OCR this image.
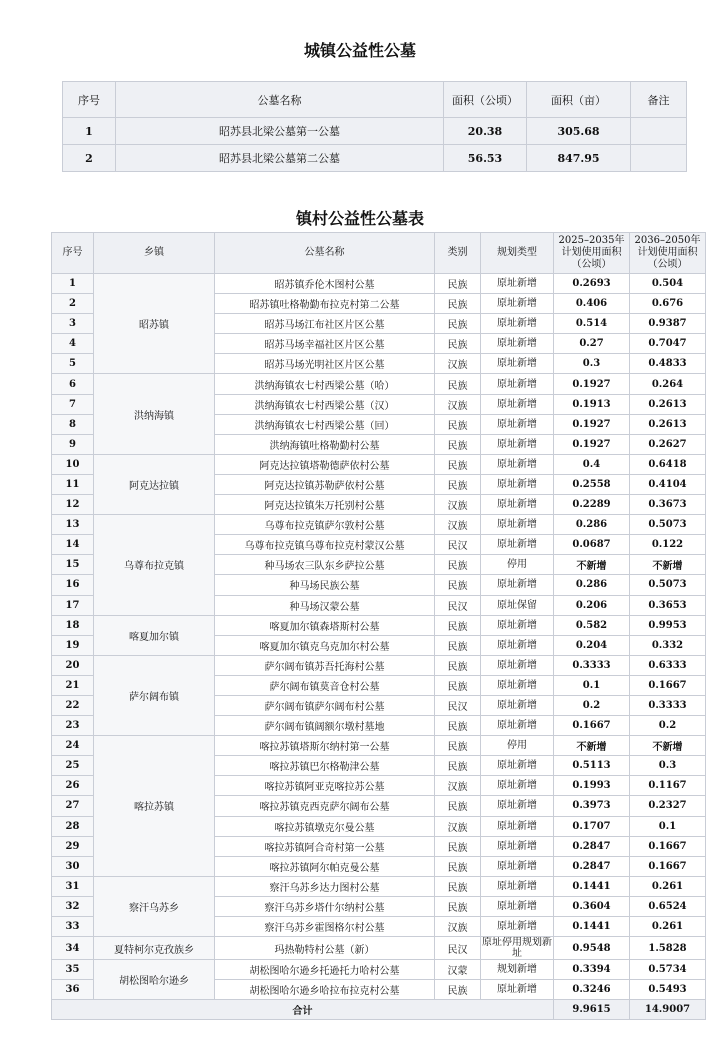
城镇公益性公墓
序号	公墓名称	面积（公顷）	面积（亩）	备注
1	昭苏县北梁公墓第一公墓	20.38	305.68	
2	昭苏县北梁公墓第二公墓	56.53	847.95	
镇村公益性公墓表
序号	乡镇	公墓名称	类别	规划类型	2025–2035年计划使用面积（公顷）	2036–2050年计划使用面积（公顷）
1	昭苏镇	昭苏镇乔伦木图村公墓	民族	原址新增	0.2693	0.504
2		昭苏镇吐格勒勤布拉克村第二公墓	民族	原址新增	0.406	0.676
3		昭苏马场江布社区片区公墓	民族	原址新增	0.514	0.9387
4		昭苏马场幸福社区片区公墓	民族	原址新增	0.27	0.7047
5		昭苏马场光明社区片区公墓	汉族	原址新增	0.3	0.4833
6	洪纳海镇	洪纳海镇农七村西梁公墓（哈）	民族	原址新增	0.1927	0.264
7		洪纳海镇农七村西梁公墓（汉）	汉族	原址新增	0.1913	0.2613
8		洪纳海镇农七村西梁公墓（回）	民族	原址新增	0.1927	0.2613
9		洪纳海镇吐格勒勤村公墓	民族	原址新增	0.1927	0.2627
10	阿克达拉镇	阿克达拉镇塔勒德萨依村公墓	民族	原址新增	0.4	0.6418
11		阿克达拉镇苏勒萨依村公墓	民族	原址新增	0.2558	0.4104
12		阿克达拉镇朱万托别村公墓	汉族	原址新增	0.2289	0.3673
13	乌尊布拉克镇	乌尊布拉克镇萨尔敦村公墓	汉族	原址新增	0.286	0.5073
14		乌尊布拉克镇乌尊布拉克村蒙汉公墓	民汉	原址新增	0.0687	0.122
15		种马场农三队东乡萨拉公墓	民族	停用	不新增	不新增
16		种马场民族公墓	民族	原址新增	0.286	0.5073
17		种马场汉蒙公墓	民汉	原址保留	0.206	0.3653
18	喀夏加尔镇	喀夏加尔镇森塔斯村公墓	民族	原址新增	0.582	0.9953
19		喀夏加尔镇克乌克加尔村公墓	民族	原址新增	0.204	0.332
20	萨尔阔布镇	萨尔阔布镇苏吾托海村公墓	民族	原址新增	0.3333	0.6333
21		萨尔阔布镇莫音仓村公墓	民族	原址新增	0.1	0.1667
22		萨尔阔布镇萨尔阔布村公墓	民汉	原址新增	0.2	0.3333
23		萨尔阔布镇阔额尔墩村墓地	民族	原址新增	0.1667	0.2
24	喀拉苏镇	喀拉苏镇塔斯尔纳村第一公墓	民族	停用	不新增	不新增
25		喀拉苏镇巴尔格勒津公墓	民族	原址新增	0.5113	0.3
26		喀拉苏镇阿亚克喀拉苏公墓	汉族	原址新增	0.1993	0.1167
27		喀拉苏镇克西克萨尔阔布公墓	民族	原址新增	0.3973	0.2327
28		喀拉苏镇墩克尔曼公墓	汉族	原址新增	0.1707	0.1
29		喀拉苏镇阿合奇村第一公墓	民族	原址新增	0.2847	0.1667
30		喀拉苏镇阿尔帕克曼公墓	民族	原址新增	0.2847	0.1667
31	察汗乌苏乡	察汗乌苏乡达力图村公墓	民族	原址新增	0.1441	0.261
32		察汗乌苏乡塔什尔纳村公墓	民族	原址新增	0.3604	0.6524
33		察汗乌苏乡霍图格尔村公墓	汉族	原址新增	0.1441	0.261
34	夏特柯尔克孜族乡	玛热勒特村公墓（新）	民汉	原址停用规划新址	0.9548	1.5828
35	胡松图哈尔逊乡	胡松图哈尔逊乡托逊托力哈村公墓	汉蒙	规划新增	0.3394	0.5734
36		胡松图哈尔逊乡哈拉布拉克村公墓	民族	原址新增	0.3246	0.5493
合计					9.9615	14.9007
